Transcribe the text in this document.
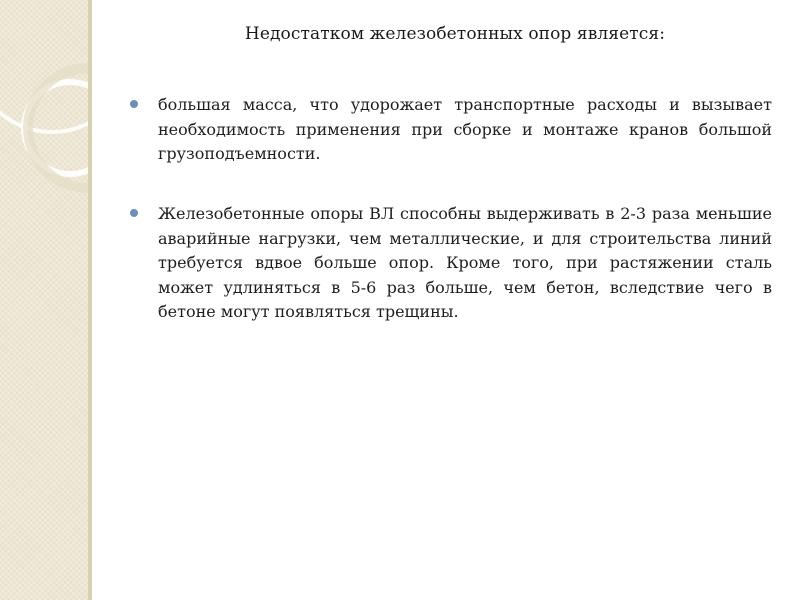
Недостатком железобетонных опор является:

большая масса, что удорожает транспортные расходы и вызывает необходимость применения при сборке и монтаже кранов большой грузоподъемности.

Железобетонные опоры ВЛ способны выдерживать в 2-3 раза меньшие аварийные нагрузки, чем металлические, и для строительства линий требуется вдвое больше опор. Кроме того, при растяжении сталь может удлиняться в 5-6 раз больше, чем бетон, вследствие чего в бетоне могут появляться трещины.
